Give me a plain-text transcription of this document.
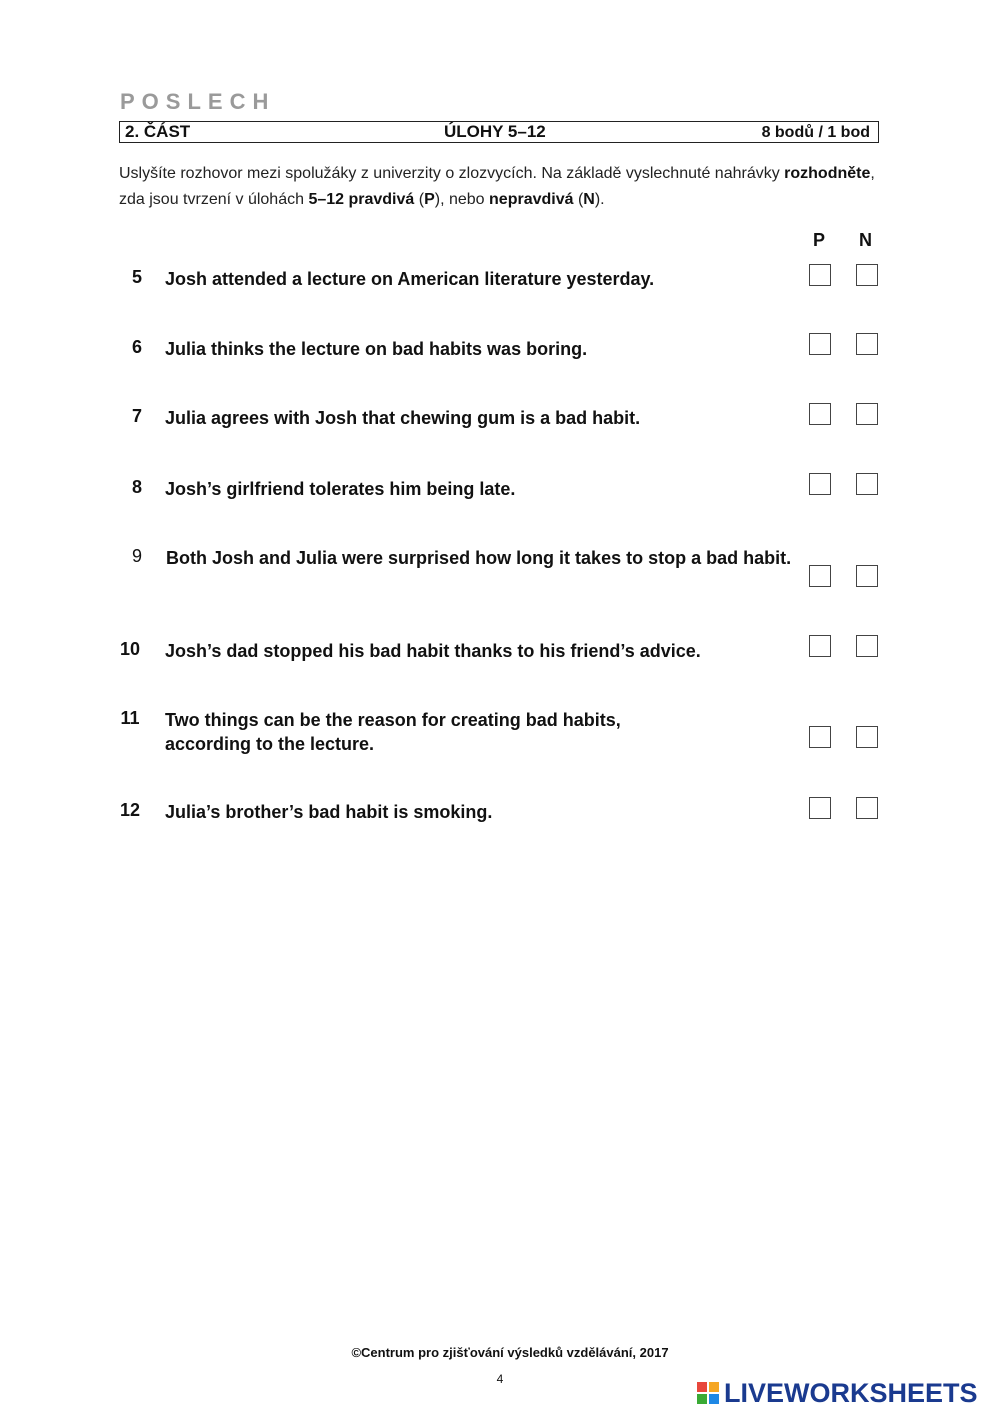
POSLECH
2. ČÁST	ÚLOHY 5–12	8 bodů / 1 bod
Uslyšíte rozhovor mezi spolužáky z univerzity o zlozvycích. Na základě vyslechnuté nahrávky rozhodněte, zda jsou tvrzení v úlohách 5–12 pravdivá (P), nebo nepravdivá (N).
P N
5	Josh attended a lecture on American literature yesterday.
6	Julia thinks the lecture on bad habits was boring.
7	Julia agrees with Josh that chewing gum is a bad habit.
8	Josh’s girlfriend tolerates him being late.
9	Both Josh and Julia were surprised how long it takes to stop a bad habit.
10 Josh’s dad stopped his bad habit thanks to his friend’s advice.
11	Two things can be the reason for creating bad habits, according to the lecture.
12 Julia’s brother’s bad habit is smoking.
©Centrum pro zjišťování výsledků vzdělávání, 2017
4	LIVEWORKSHEETS
